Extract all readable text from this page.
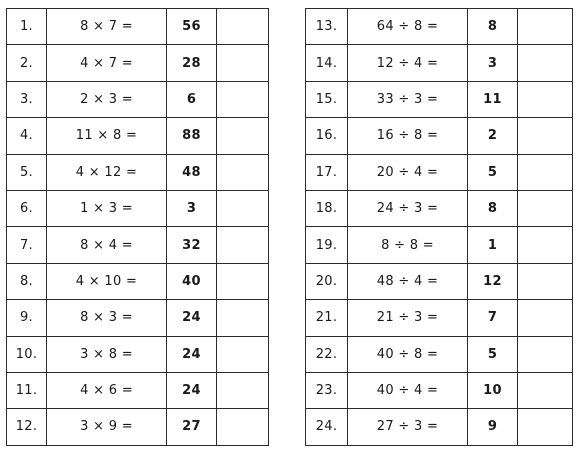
1.	8 × 7 =	56	
2.	4 × 7 =	28	
3.	2 × 3 =	6	
4.	11 × 8 =	88	
5.	4 × 12 =	48	
6.	1 × 3 =	3	
7.	8 × 4 =	32	
8.	4 × 10 =	40	
9.	8 × 3 =	24	
10.	3 × 8 =	24	
11.	4 × 6 =	24	
12.	3 × 9 =	27	
13.	64 ÷ 8 =	8	
14.	12 ÷ 4 =	3	
15.	33 ÷ 3 =	11	
16.	16 ÷ 8 =	2	
17.	20 ÷ 4 =	5	
18.	24 ÷ 3 =	8	
19.	8 ÷ 8 =	1	
20.	48 ÷ 4 =	12	
21.	21 ÷ 3 =	7	
22.	40 ÷ 8 =	5	
23.	40 ÷ 4 =	10	
24.	27 ÷ 3 =	9	
